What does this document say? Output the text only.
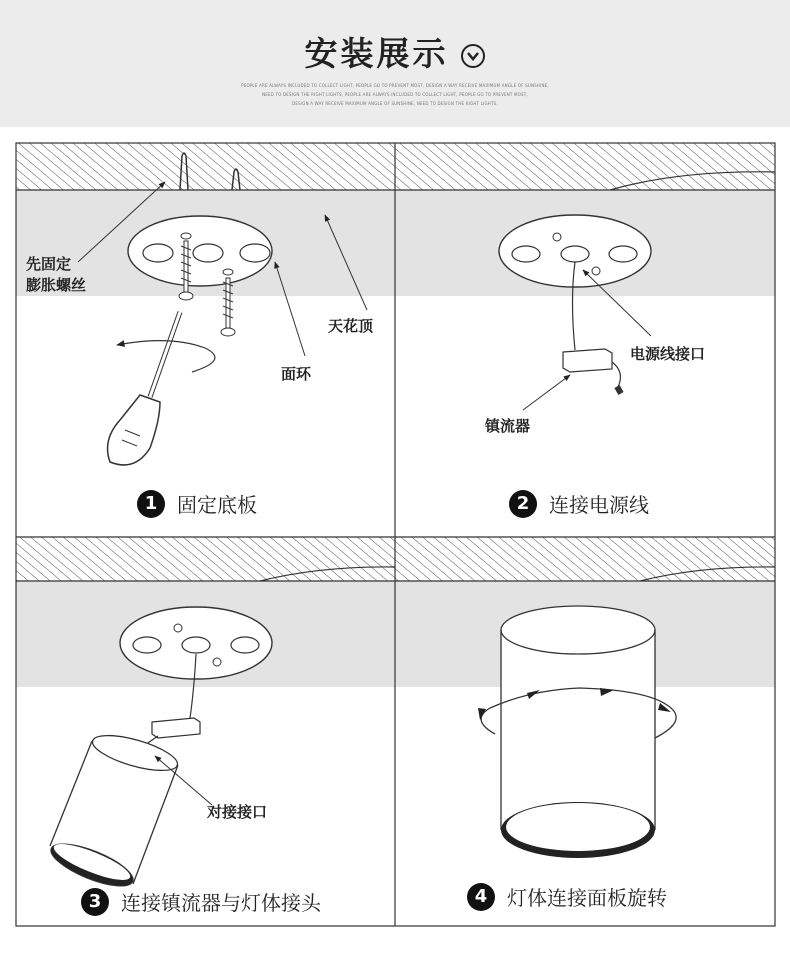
安装展示
PEOPLE ARE ALWAYS INCLUDED TO COLLECT LIGHT, PEOPLE GO TO PREVENT MOST, DESIGN A WAY RECEIVE MAXIMUM ANGLE OF SUNSHINE,
NEED TO DESIGN THE RIGHT LIGHTS, PEOPLE ARE ALWAYS INCLUDED TO COLLECT LIGHT, PEOPLE GO TO PREVENT MOST,
DESIGN A WAY RECEIVE MAXIMUM ANGLE OF SUNSHINE, NEED TO DESIGN THE RIGHT LIGHTS.
先固定
膨胀螺丝
天花顶
面环
1 固定底板
电源线接口
镇流器
2 连接电源线
对接接口
3 连接镇流器与灯体接头	4 灯体连接面板旋转
